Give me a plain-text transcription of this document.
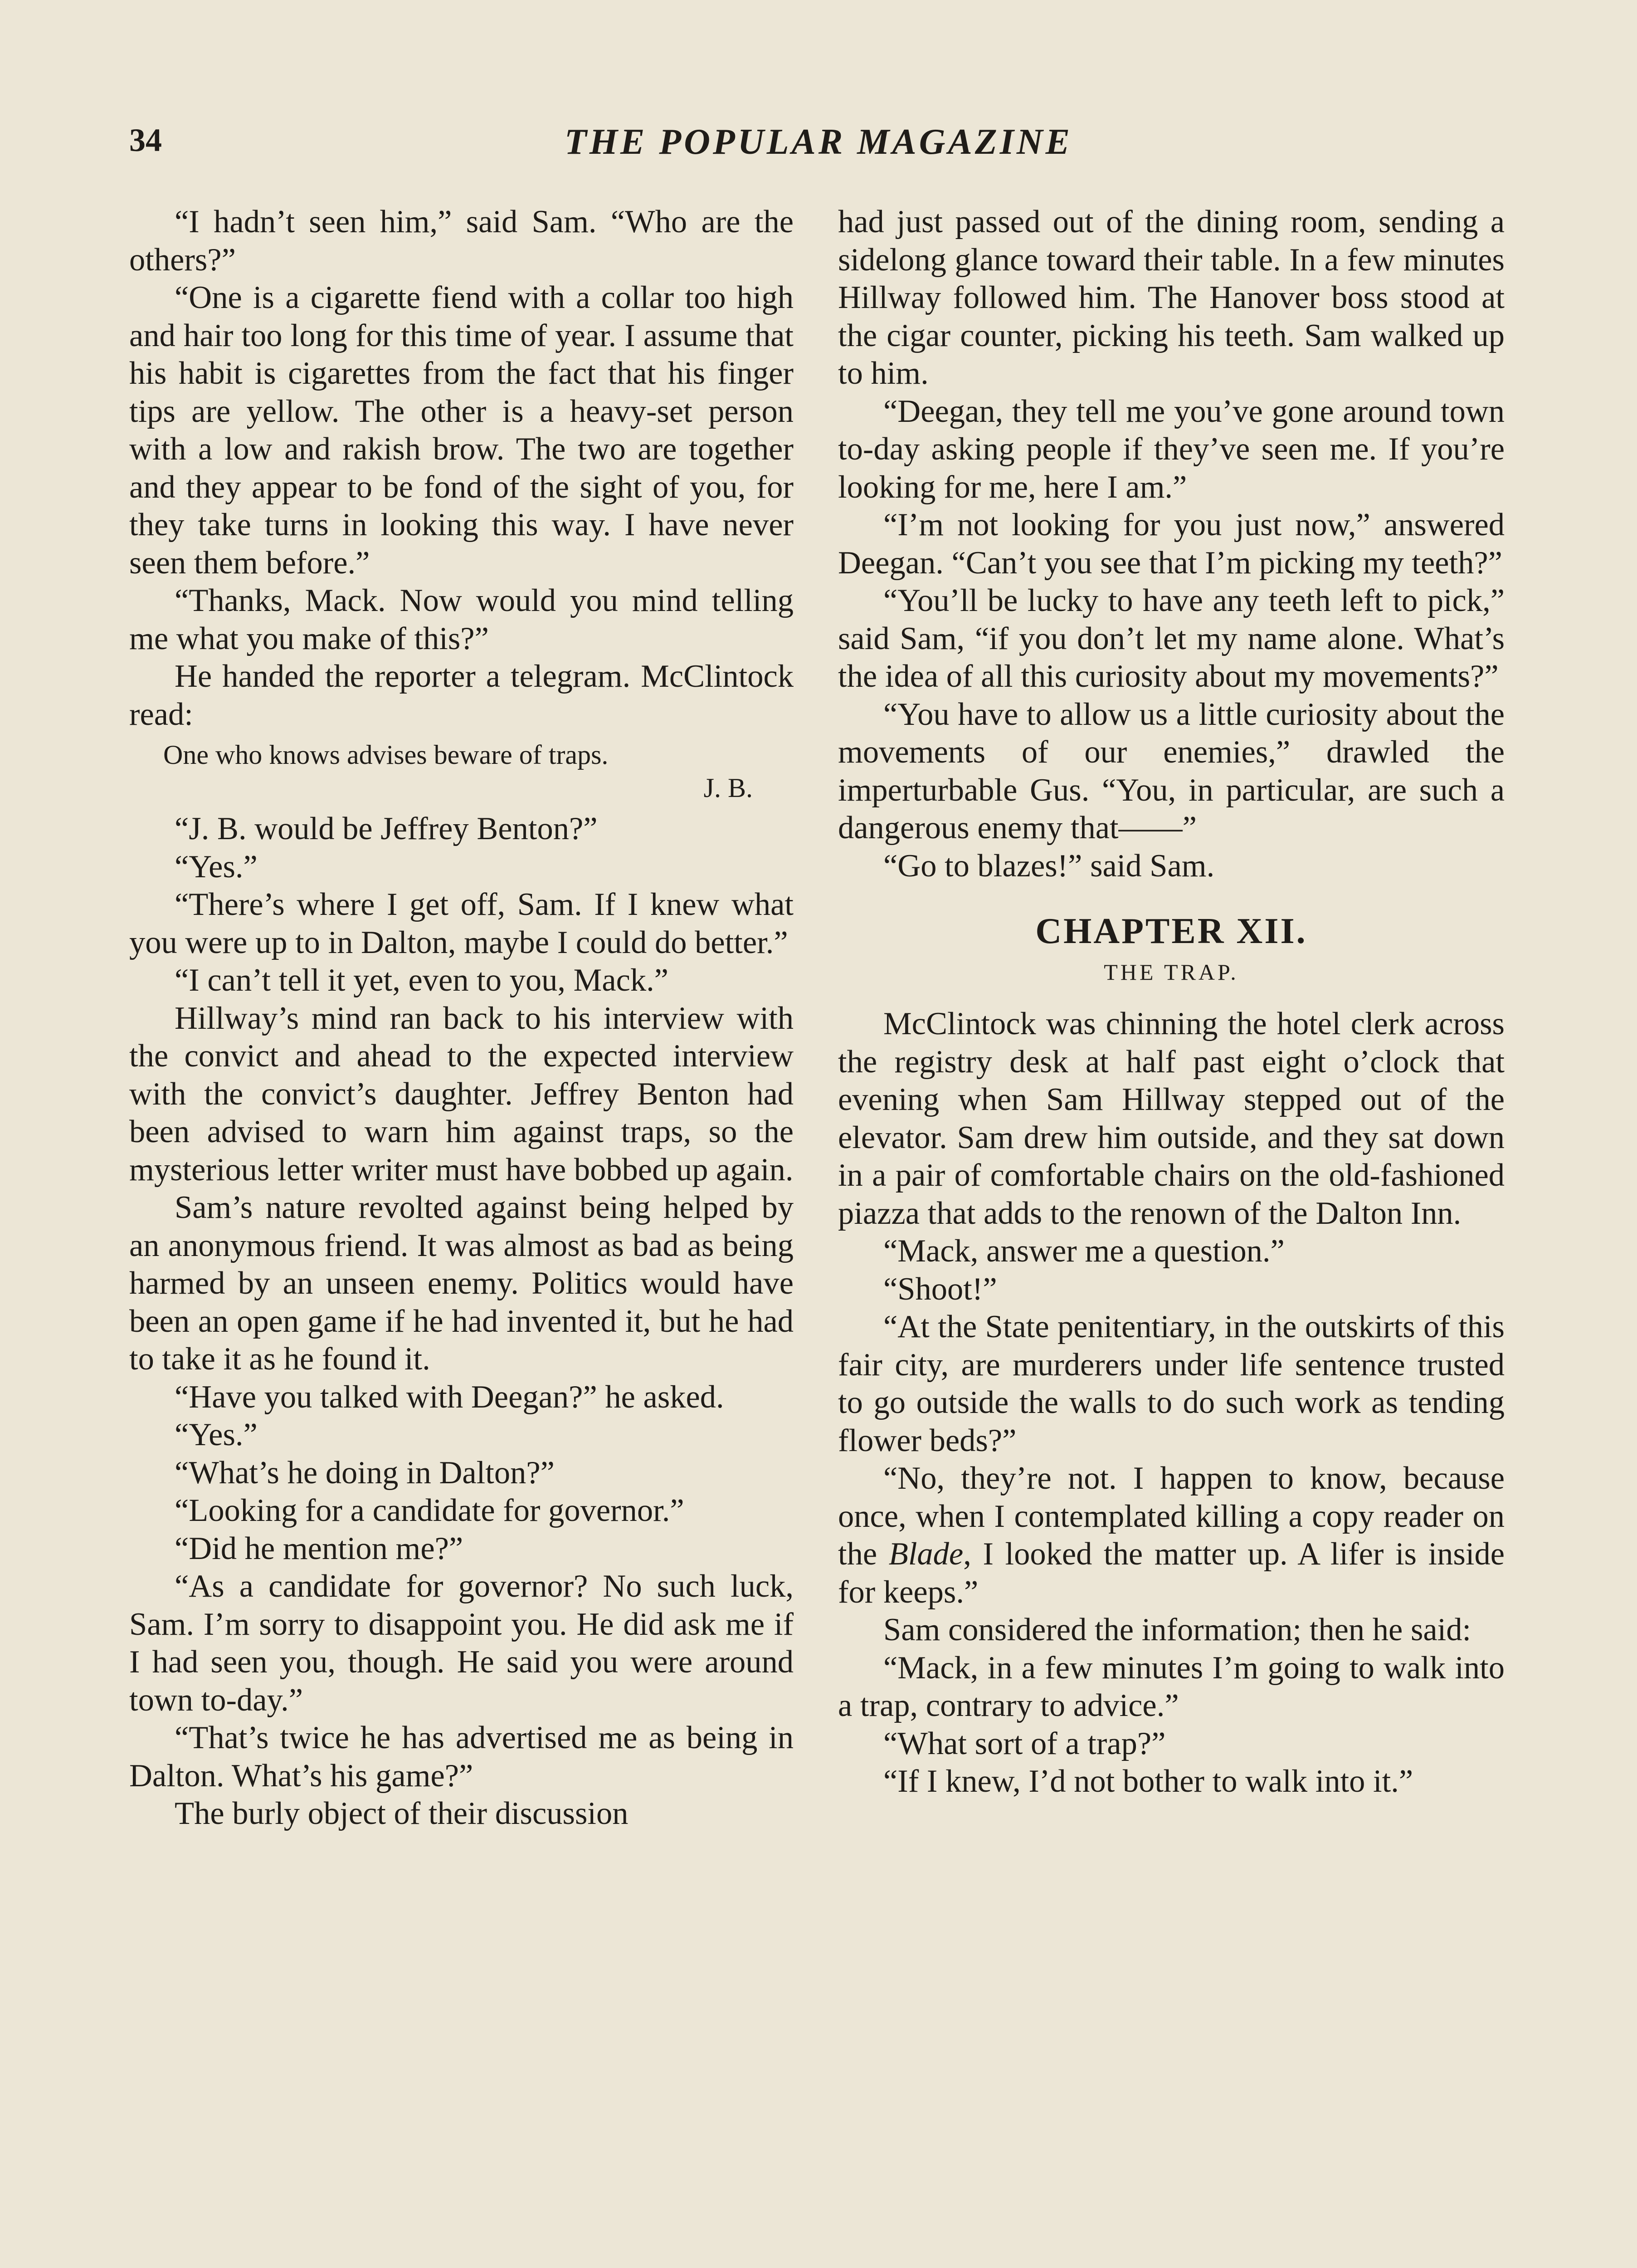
34	THE POPULAR MAGAZINE

“I hadn’t seen him,” said Sam. “Who are the others?”

“One is a cigarette fiend with a collar too high and hair too long for this time of year. I assume that his habit is cigarettes from the fact that his finger tips are yellow. The other is a heavy-set person with a low and rakish brow. The two are together and they appear to be fond of the sight of you, for they take turns in looking this way. I have never seen them before.”

“Thanks, Mack. Now would you mind telling me what you make of this?”

He handed the reporter a telegram. McClintock read:

One who knows advises beware of traps.

J. B.

“J. B. would be Jeffrey Benton?”

“Yes.”

“There’s where I get off, Sam. If I knew what you were up to in Dalton, maybe I could do better.”

“I can’t tell it yet, even to you, Mack.”

Hillway’s mind ran back to his interview with the convict and ahead to the expected interview with the convict’s daughter. Jeffrey Benton had been advised to warn him against traps, so the mysterious letter writer must have bobbed up again.

Sam’s nature revolted against being helped by an anonymous friend. It was almost as bad as being harmed by an unseen enemy. Politics would have been an open game if he had invented it, but he had to take it as he found it.

“Have you talked with Deegan?” he asked.

“Yes.”

“What’s he doing in Dalton?”

“Looking for a candidate for governor.”

“Did he mention me?”

“As a candidate for governor? No such luck, Sam. I’m sorry to disappoint you. He did ask me if I had seen you, though. He said you were around town to-day.”

“That’s twice he has advertised me as being in Dalton. What’s his game?”

The burly object of their discussion

had just passed out of the dining room, sending a sidelong glance toward their table. In a few minutes Hillway followed him. The Hanover boss stood at the cigar counter, picking his teeth. Sam walked up to him.

“Deegan, they tell me you’ve gone around town to-day asking people if they’ve seen me. If you’re looking for me, here I am.”

“I’m not looking for you just now,” answered Deegan. “Can’t you see that I’m picking my teeth?”

“You’ll be lucky to have any teeth left to pick,” said Sam, “if you don’t let my name alone. What’s the idea of all this curiosity about my movements?”

“You have to allow us a little curiosity about the movements of our enemies,” drawled the imperturbable Gus. “You, in particular, are such a dangerous enemy that——”

“Go to blazes!” said Sam.

CHAPTER XII.
THE TRAP.

McClintock was chinning the hotel clerk across the registry desk at half past eight o’clock that evening when Sam Hillway stepped out of the elevator. Sam drew him outside, and they sat down in a pair of comfortable chairs on the old-fashioned piazza that adds to the renown of the Dalton Inn.

“Mack, answer me a question.”

“Shoot!”

“At the State penitentiary, in the outskirts of this fair city, are murderers under life sentence trusted to go outside the walls to do such work as tending flower beds?”

“No, they’re not. I happen to know, because once, when I contemplated killing a copy reader on the Blade, I looked the matter up. A lifer is inside for keeps.”

Sam considered the information; then he said:

“Mack, in a few minutes I’m going to walk into a trap, contrary to advice.”

“What sort of a trap?”

“If I knew, I’d not bother to walk into it.”
